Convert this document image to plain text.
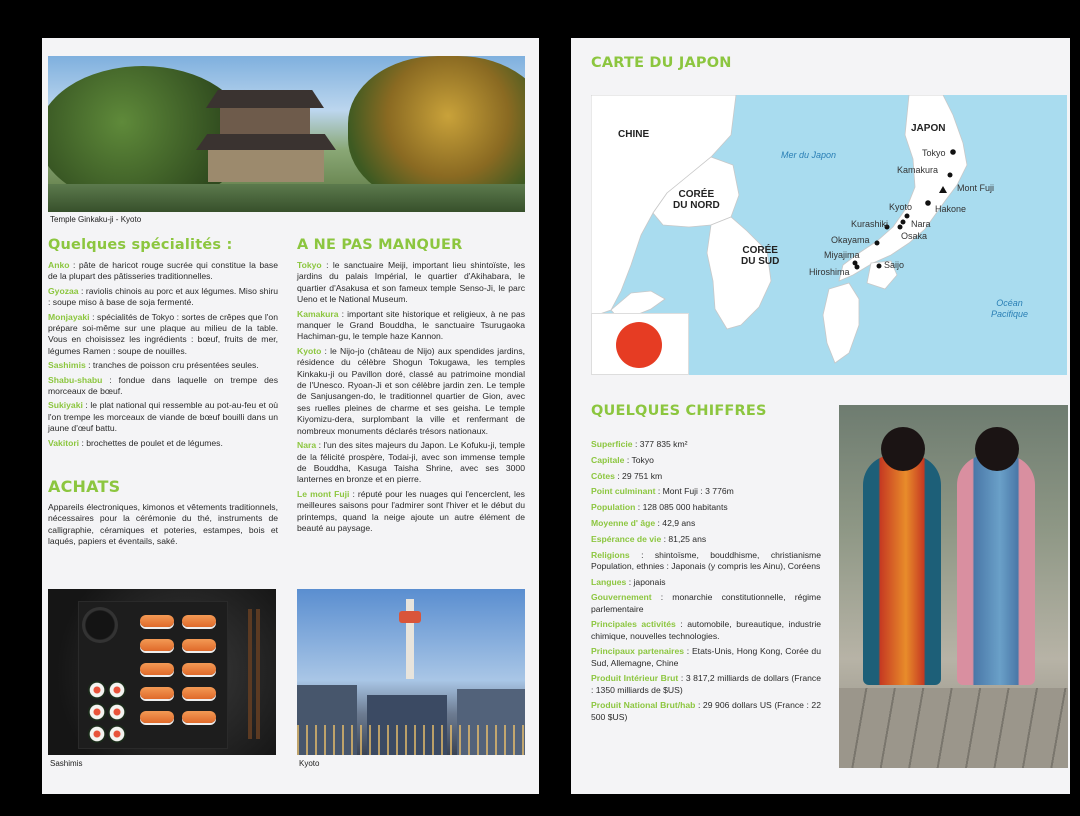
Temple Ginkaku-ji - Kyoto
Quelques spécialités :

Anko : pâte de haricot rouge sucrée qui constitue la base de la plupart des pâtisseries traditionnelles.

Gyozaa : raviolis chinois au porc et aux légumes. Miso shiru : soupe miso à base de soja fermenté.

Monjayaki : spécialités de Tokyo : sortes de crêpes que l'on prépare soi-même sur une plaque au milieu de la table. Vous en choisissez les ingrédients : bœuf, fruits de mer, légumes Ramen : soupe de nouilles.

Sashimis : tranches de poisson cru présentées seules.

Shabu-shabu : fondue dans laquelle on trempe des morceaux de bœuf.

Sukiyaki : le plat national qui ressemble au pot-au-feu et où l'on trempe les morceaux de viande de bœuf bouilli dans un jaune d'œuf battu.

Vakitori : brochettes de poulet et de légumes.

ACHATS

Appareils électroniques, kimonos et vêtements traditionnels, nécessaires pour la cérémonie du thé, instruments de calligraphie, céramiques et poteries, estampes, bois et laqués, papiers et éventails, saké.

A NE PAS MANQUER

Tokyo : le sanctuaire Meiji, important lieu shintoïste, les jardins du palais Impérial, le quartier d'Akihabara, le quartier d'Asakusa et son fameux temple Senso-Ji, le parc Ueno et le National Museum.

Kamakura : important site historique et religieux, à ne pas manquer le Grand Bouddha, le sanctuaire Tsurugaoka Hachiman-gu, le temple haze Kannon.

Kyoto : le Nijo-jo (château de Nijo) aux spendides jardins, résidence du célèbre Shogun Tokugawa, les temples Kinkaku-ji ou Pavillon doré, classé au patrimoine mondial de l'Unesco. Ryoan-Ji et son célèbre jardin zen. Le temple de Sanjusangen-do, le traditionnel quartier de Gion, avec ses ruelles pleines de charme et ses geisha. Le temple Kiyomizu-dera, surplombant la ville et renfermant de nombreux monuments déclarés trésors nationaux.

Nara : l'un des sites majeurs du Japon. Le Kofuku-ji, temple de la félicité prospère, Todai-ji, avec son immense temple de Bouddha, Kasuga Taisha Shrine, avec ses 3000 lanternes en bronze et en pierre.

Le mont Fuji : réputé pour les nuages qui l'encerclent, les meilleures saisons pour l'admirer sont l'hiver et le début du printemps, quand la neige ajoute un autre élément de beauté au paysage.

Sashimis	Kyoto
CARTE DU JAPON
CHINE
JAPON
CORÉE
DU NORD
CORÉE
DU SUD
Mer du Japon
Océan
Pacifique
Tokyo
Kamakura
Mont Fuji
Hakone
Kyoto
Nara
Osaka
Kurashiki
Okayama
Miyajima
Hiroshima
Saijo
QUELQUES CHIFFRES
Superficie : 377 835 km²
Capitale : Tokyo
Côtes : 29 751 km
Point culminant : Mont Fuji : 3 776m
Population : 128 085 000 habitants
Moyenne d' âge : 42,9 ans
Espérance de vie : 81,25 ans
Religions : shintoïsme, bouddhisme, christianisme Population, ethnies : Japonais (y compris les Ainu), Coréens
Langues : japonais
Gouvernement : monarchie constitutionnelle, régime parlementaire
Principales activités : automobile, bureautique, industrie chimique, nouvelles technologies.
Principaux partenaires : Etats-Unis, Hong Kong, Corée du Sud, Allemagne, Chine
Produit Intérieur Brut : 3 817,2 milliards de dollars (France : 1350 milliards de $US)
Produit National Brut/hab : 29 906 dollars US (France : 22 500 $US)
